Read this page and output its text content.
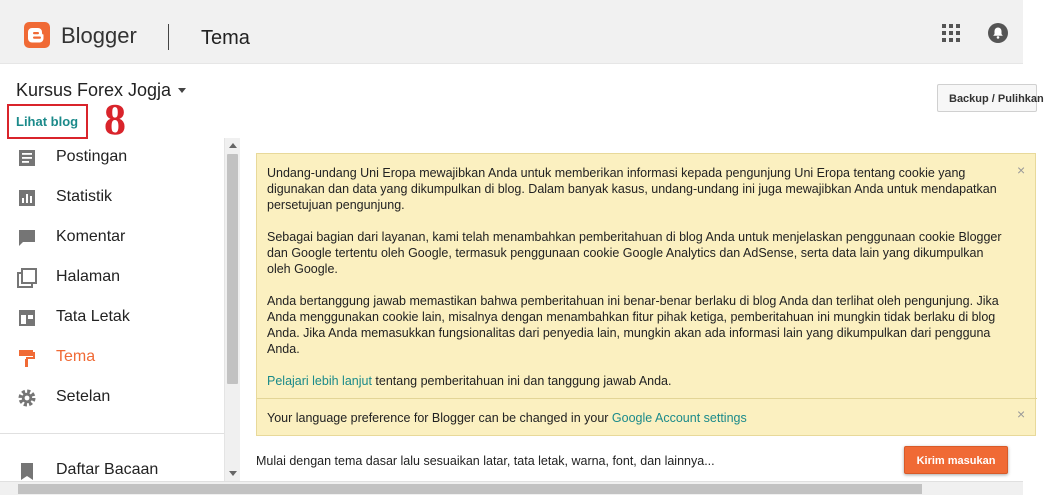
Blogger	Tema
Kursus Forex Jogja
Lihat blog 8
Postingan
Statistik
Komentar
Halaman
Tata Letak
Tema
Setelan
Daftar Bacaan
Backup / Pulihkan
×

Undang-undang Uni Eropa mewajibkan Anda untuk memberikan informasi kepada pengunjung Uni Eropa tentang cookie yang digunakan dan data yang dikumpulkan di blog. Dalam banyak kasus, undang-undang ini juga mewajibkan Anda untuk mendapatkan persetujuan pengunjung.

Sebagai bagian dari layanan, kami telah menambahkan pemberitahuan di blog Anda untuk menjelaskan penggunaan cookie Blogger dan Google tertentu oleh Google, termasuk penggunaan cookie Google Analytics dan AdSense, serta data lain yang dikumpulkan oleh Google.

Anda bertanggung jawab memastikan bahwa pemberitahuan ini benar-benar berlaku di blog Anda dan terlihat oleh pengunjung. Jika Anda menggunakan cookie lain, misalnya dengan menambahkan fitur pihak ketiga, pemberitahuan ini mungkin tidak berlaku di blog Anda. Jika Anda memasukkan fungsionalitas dari penyedia lain, mungkin akan ada informasi lain yang dikumpulkan dari pengguna Anda.

Pelajari lebih lanjut tentang pemberitahuan ini dan tanggung jawab Anda.

Your language preference for Blogger can be changed in your Google Account settings	×
Mulai dengan tema dasar lalu sesuaikan latar, tata letak, warna, font, dan lainnya...	Kirim masukan
